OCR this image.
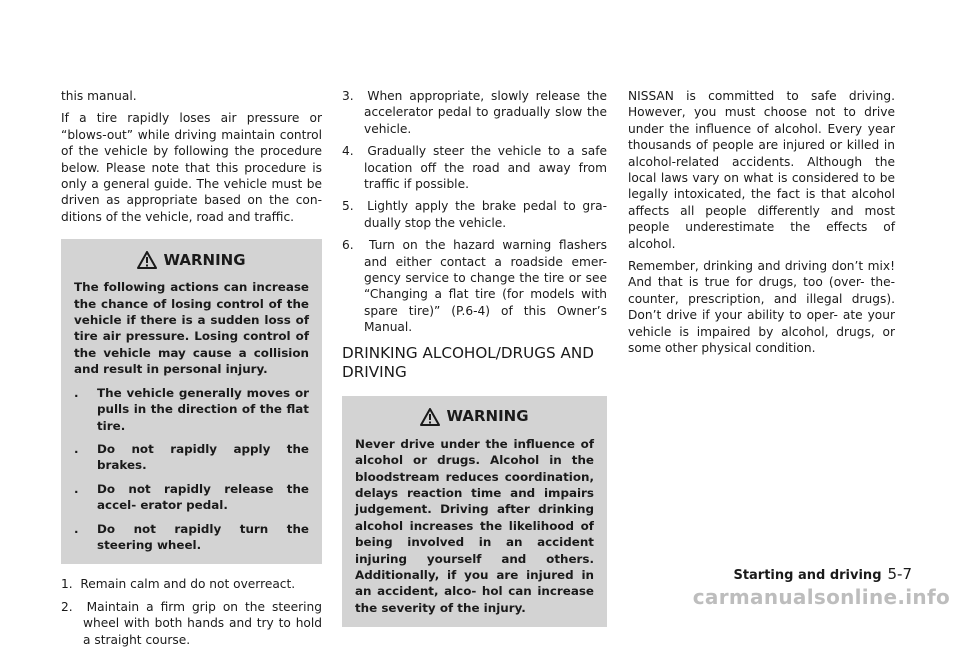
this manual.

If a tire rapidly loses air pressure or “blows-out” while driving maintain control of the vehicle by following the procedure below. Please note that this procedure is only a general guide. The vehicle must be driven as appropriate based on the con- ditions of the vehicle, road and traffic.

WARNING

The following actions can increase the chance of losing control of the vehicle if there is a sudden loss of tire air pressure. Losing control of the vehicle may cause a collision and result in personal injury.

. The vehicle generally moves or pulls in the direction of the flat tire.

. Do not rapidly apply the brakes.

. Do not rapidly release the accel- erator pedal.

. Do not rapidly turn the steering wheel.

1. Remain calm and do not overreact.

2. Maintain a firm grip on the steering wheel with both hands and try to hold a straight course.

3. When appropriate, slowly release the accelerator pedal to gradually slow the vehicle.

4. Gradually steer the vehicle to a safe location off the road and away from traffic if possible.

5. Lightly apply the brake pedal to gra- dually stop the vehicle.

6. Turn on the hazard warning flashers and either contact a roadside emer- gency service to change the tire or see “Changing a flat tire (for models with spare tire)” (P.6-4) of this Owner’s Manual.

DRINKING ALCOHOL/DRUGS AND DRIVING
WARNING

Never drive under the influence of alcohol or drugs. Alcohol in the bloodstream reduces coordination, delays reaction time and impairs judgement. Driving after drinking alcohol increases the likelihood of being involved in an accident injuring yourself and others. Additionally, if you are injured in an accident, alco- hol can increase the severity of the injury.

NISSAN is committed to safe driving. However, you must choose not to drive under the influence of alcohol. Every year thousands of people are injured or killed in alcohol-related accidents. Although the local laws vary on what is considered to be legally intoxicated, the fact is that alcohol affects all people differently and most people underestimate the effects of alcohol.

Remember, drinking and driving don’t mix! And that is true for drugs, too (over- the-counter, prescription, and illegal drugs). Don’t drive if your ability to oper- ate your vehicle is impaired by alcohol, drugs, or some other physical condition.

Starting and driving 5-7
carmanualsonline.info
